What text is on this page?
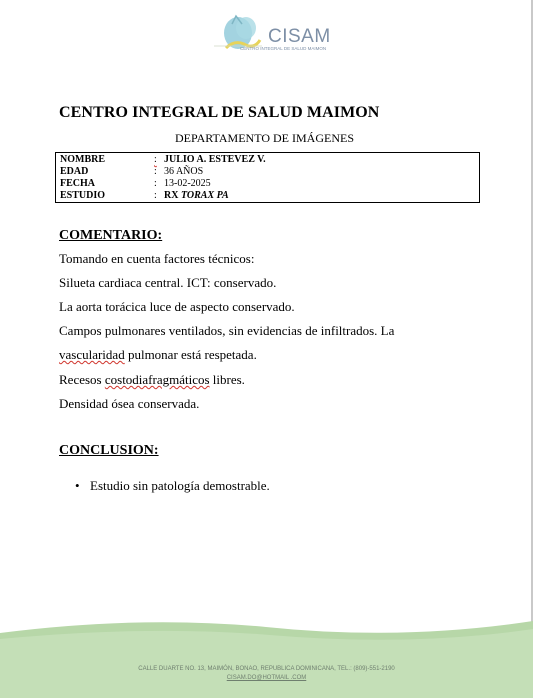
CISAM
CENTRO INTEGRAL DE SALUD MAIMON
CENTRO INTEGRAL DE SALUD MAIMON
DEPARTAMENTO DE IMÁGENES
NOMBRE	: JULIO A. ESTEVEZ V.
EDAD	: 36 AÑOS
FECHA	: 13-02-2025
ESTUDIO	: RX TORAX PA
COMENTARIO:
Tomando en cuenta factores técnicos:
Silueta cardiaca central. ICT: conservado.
La aorta torácica luce de aspecto conservado.
Campos pulmonares ventilados, sin evidencias de infiltrados. La
vascularidad pulmonar está respetada.
Recesos costodiafragmáticos libres.
Densidad ósea conservada.
CONCLUSION:
• Estudio sin patología demostrable.
CALLE DUARTE NO. 13, MAIMÓN, BONAO, REPUBLICA DOMINICANA, TEL.: (809)-551-2190
CISAM.DO@HOTMAIL .COM
